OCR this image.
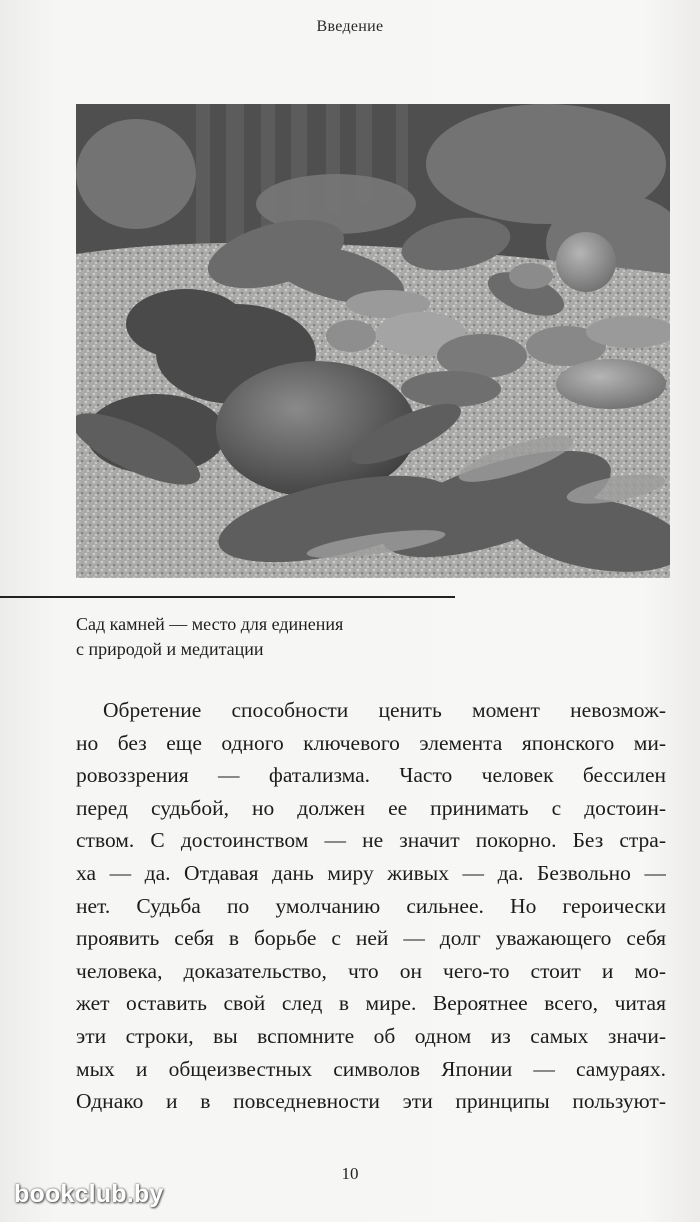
Введение
Сад камней — место для единения
с природой и медитации
Обретение способности ценить момент невозмож-
но без еще одного ключевого элемента японского ми-
ровоззрения — фатализма. Часто человек бессилен
перед судьбой, но должен ее принимать с достоин-
ством. С достоинством — не значит покорно. Без стра-
ха — да. Отдавая дань миру живых — да. Безвольно —
нет. Судьба по умолчанию сильнее. Но героически
проявить себя в борьбе с ней — долг уважающего себя
человека, доказательство, что он чего-то стоит и мо-
жет оставить свой след в мире. Вероятнее всего, читая
эти строки, вы вспомните об одном из самых значи-
мых и общеизвестных символов Японии — самураях.
Однако и в повседневности эти принципы пользуют-
10
bookclub.by
